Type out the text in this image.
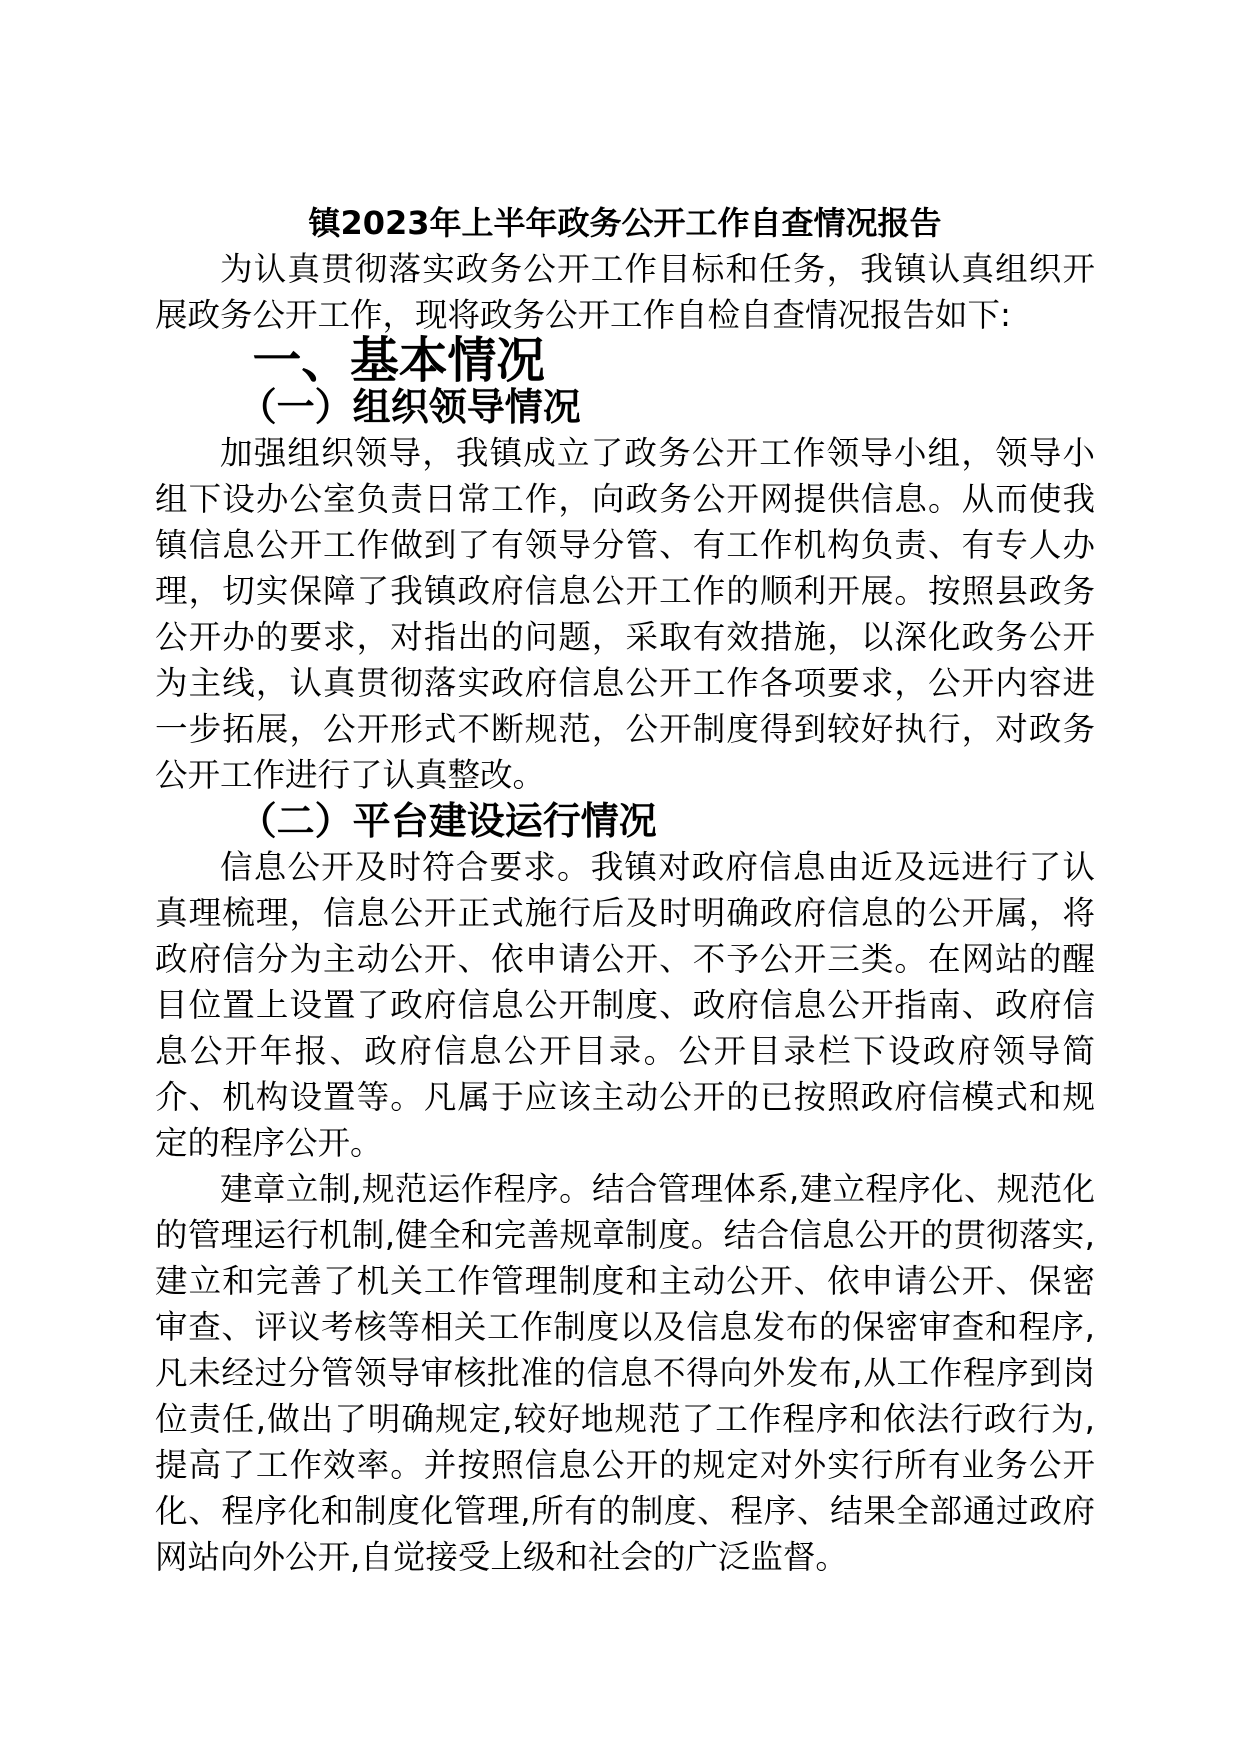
镇2023年上半年政务公开工作自查情况报告

为认真贯彻落实政务公开工作目标和任务，我镇认真组织开展政务公开工作，现将政务公开工作自检自查情况报告如下:

一、基本情况
（一）组织领导情况

加强组织领导，我镇成立了政务公开工作领导小组，领导小组下设办公室负责日常工作，向政务公开网提供信息。从而使我镇信息公开工作做到了有领导分管、有工作机构负责、有专人办理，切实保障了我镇政府信息公开工作的顺利开展。按照县政务公开办的要求，对指出的问题，采取有效措施，以深化政务公开为主线，认真贯彻落实政府信息公开工作各项要求，公开内容进一步拓展，公开形式不断规范，公开制度得到较好执行，对政务公开工作进行了认真整改。

（二）平台建设运行情况

信息公开及时符合要求。我镇对政府信息由近及远进行了认真理梳理，信息公开正式施行后及时明确政府信息的公开属，将政府信分为主动公开、依申请公开、不予公开三类。在网站的醒目位置上设置了政府信息公开制度、政府信息公开指南、政府信息公开年报、政府信息公开目录。公开目录栏下设政府领导简介、机构设置等。凡属于应该主动公开的已按照政府信模式和规定的程序公开。

建章立制,规范运作程序。结合管理体系,建立程序化、规范化的管理运行机制,健全和完善规章制度。结合信息公开的贯彻落实,建立和完善了机关工作管理制度和主动公开、依申请公开、保密审查、评议考核等相关工作制度以及信息发布的保密审查和程序,凡未经过分管领导审核批准的信息不得向外发布,从工作程序到岗位责任,做出了明确规定,较好地规范了工作程序和依法行政行为,提高了工作效率。并按照信息公开的规定对外实行所有业务公开化、程序化和制度化管理,所有的制度、程序、结果全部通过政府网站向外公开,自觉接受上级和社会的广泛监督。
